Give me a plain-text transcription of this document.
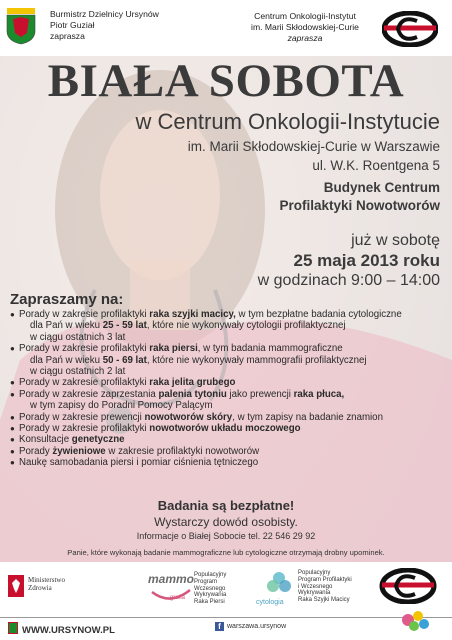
Burmistrz Dzielnicy Ursynów
Piotr Guział
zaprasza
Centrum Onkologii-Instytut
im. Marii Skłodowskiej-Curie
zaprasza
BIAŁA SOBOTA
w Centrum Onkologii-Instytucie
im. Marii Skłodowskiej-Curie w Warszawie
ul. W.K. Roentgena 5
Budynek Centrum
Profilaktyki Nowotworów
już w sobotę
25 maja 2013 roku
w godzinach 9:00 – 14:00
Zapraszamy na:
● Porady w zakresie profilaktyki raka szyjki macicy, w tym bezpłatne badania cytologiczne
dla Pań w wieku 25 - 59 lat, które nie wykonywały cytologii profilaktycznej
w ciągu ostatnich 3 lat
● Porady w zakresie profilaktyki raka piersi, w tym badania mammograficzne
dla Pań w wieku 50 - 69 lat, które nie wykonywały mammografii profilaktycznej
w ciągu ostatnich 2 lat
● Porady w zakresie profilaktyki raka jelita grubego
● Porady w zakresie zaprzestania palenia tytoniu jako prewencji raka płuca,
w tym zapisy do Poradni Pomocy Palącym
● Porady w zakresie prewencji nowotworów skóry, w tym zapisy na badanie znamion
● Porady w zakresie profilaktyki nowotworów układu moczowego
● Konsultacje genetyczne
● Porady żywieniowe w zakresie profilaktyki nowotworów
● Naukę samobadania piersi i pomiar ciśnienia tętniczego
Badania są bezpłatne!
Wystarczy dowód osobisty.
Informacje o Białej Sobocie tel. 22 546 29 92
Panie, które wykonają badanie mammograficzne lub cytologiczne otrzymają drobny upominek.
Ministerstwo
Zdrowia
mammo
grafia
Populacyjny
Program
Wczesnego
Wykrywania
Raka Piersi	cytologia
Populacyjny
Program Profilaktyki
i Wczesnego
Wykrywania
Raka Szyjki Macicy
WWW.URSYNOW.PL	f warszawa.ursynow
